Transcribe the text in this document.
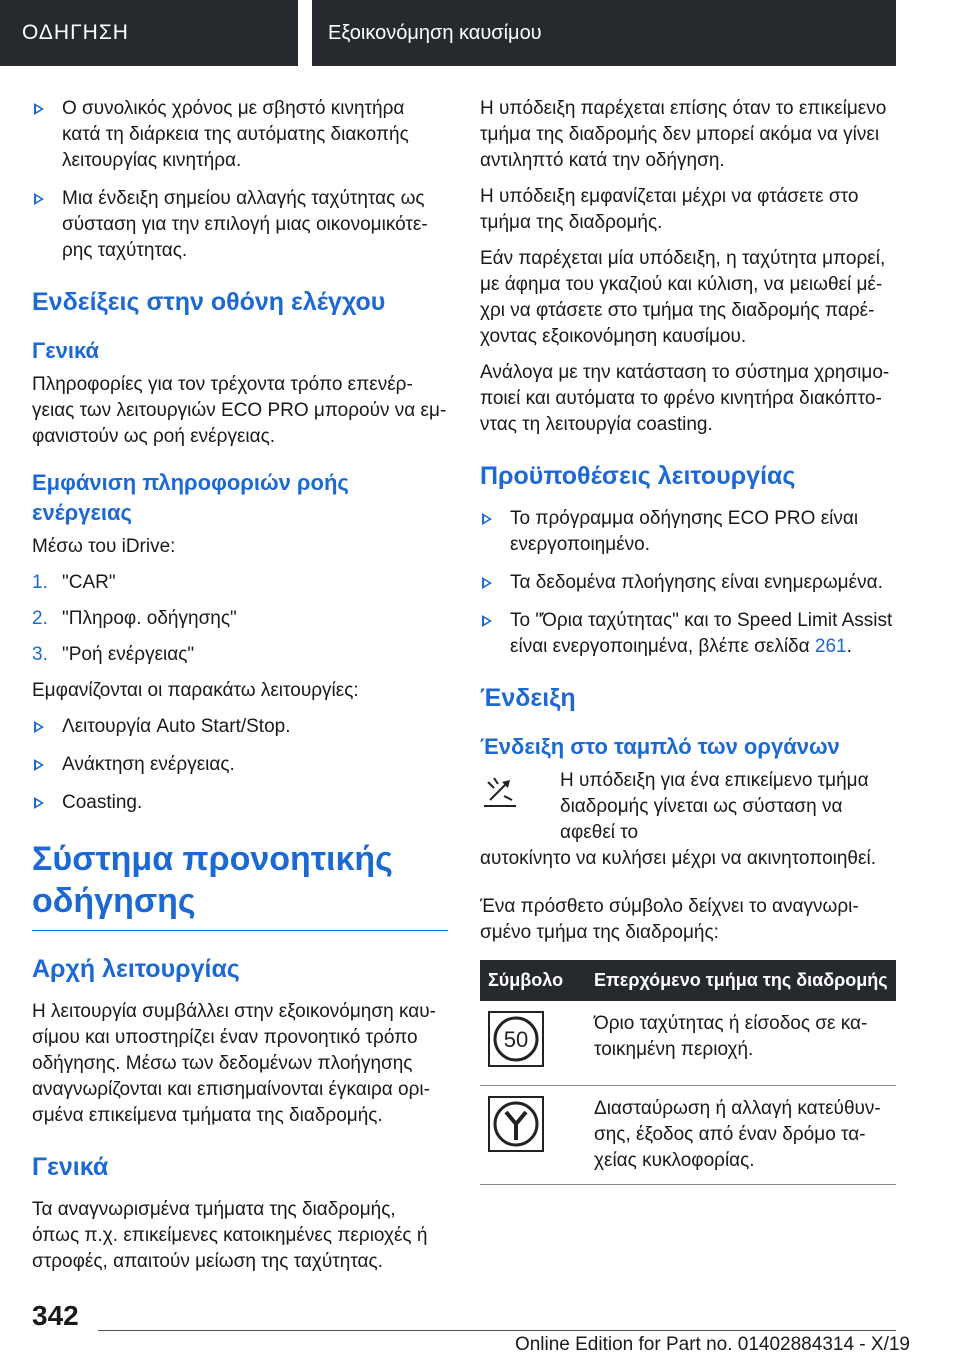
ΟΔΗΓΗΣΗ	Εξοικονόμηση καυσίμου
Ο συνολικός χρόνος με σβηστό κινητήρα κατά τη διάρκεια της αυτόματης διακοπής λειτουργίας κινητήρα.
Μια ένδειξη σημείου αλλαγής ταχύτητας ως σύσταση για την επιλογή μιας οικονομικότερης ταχύτητας.
Ενδείξεις στην οθόνη ελέγχου
Γενικά

Πληροφορίες για τον τρέχοντα τρόπο επενέργειας των λειτουργιών ECO PRO μπορούν να εμφανιστούν ως ροή ενέργειας.

Εμφάνιση πληροφοριών ροής ενέργειας

Μέσω του iDrive:

1. "CAR"
2. "Πληροφ. οδήγησης"
3. "Ροή ενέργειας"

Εμφανίζονται οι παρακάτω λειτουργίες:

Λειτουργία Auto Start/Stop.
Ανάκτηση ενέργειας.
Coasting.
Σύστημα προνοητικής οδήγησης
Αρχή λειτουργίας

Η λειτουργία συμβάλλει στην εξοικονόμηση καυσίμου και υποστηρίζει έναν προνοητικό τρόπο οδήγησης. Μέσω των δεδομένων πλοήγησης αναγνωρίζονται και επισημαίνονται έγκαιρα ορισμένα επικείμενα τμήματα της διαδρομής.

Γενικά

Τα αναγνωρισμένα τμήματα της διαδρομής, όπως π.χ. επικείμενες κατοικημένες περιοχές ή στροφές, απαιτούν μείωση της ταχύτητας.

Η υπόδειξη παρέχεται επίσης όταν το επικείμενο τμήμα της διαδρομής δεν μπορεί ακόμα να γίνει αντιληπτό κατά την οδήγηση.

Η υπόδειξη εμφανίζεται μέχρι να φτάσετε στο τμήμα της διαδρομής.

Εάν παρέχεται μία υπόδειξη, η ταχύτητα μπορεί, με άφημα του γκαζιού και κύλιση, να μειωθεί μέχρι να φτάσετε στο τμήμα της διαδρομής παρέχοντας εξοικονόμηση καυσίμου.

Ανάλογα με την κατάσταση το σύστημα χρησιμοποιεί και αυτόματα το φρένο κινητήρα διακόπτοντας τη λειτουργία coasting.

Προϋποθέσεις λειτουργίας
Το πρόγραμμα οδήγησης ECO PRO είναι ενεργοποιημένο.
Τα δεδομένα πλοήγησης είναι ενημερωμένα.
Το "Όρια ταχύτητας" και το Speed Limit Assist είναι ενεργοποιημένα, βλέπε σελίδα 261.
Ένδειξη
Ένδειξη στο ταμπλό των οργάνων
Η υπόδειξη για ένα επικείμενο τμήμα διαδρομής γίνεται ως σύσταση να αφεθεί το
αυτοκίνητο να κυλήσει μέχρι να ακινητοποιηθεί.

Ένα πρόσθετο σύμβολο δείχνει το αναγνωρισμένο τμήμα της διαδρομής:

Σύμβολο	Επερχόμενο τμήμα της διαδρομής

50	Όριο ταχύτητας ή είσοδος σε κατοικημένη περιοχή.
	Διασταύρωση ή αλλαγή κατεύθυνσης, έξοδος από έναν δρόμο ταχείας κυκλοφορίας.
342
Online Edition for Part no. 01402884314 - X/19
